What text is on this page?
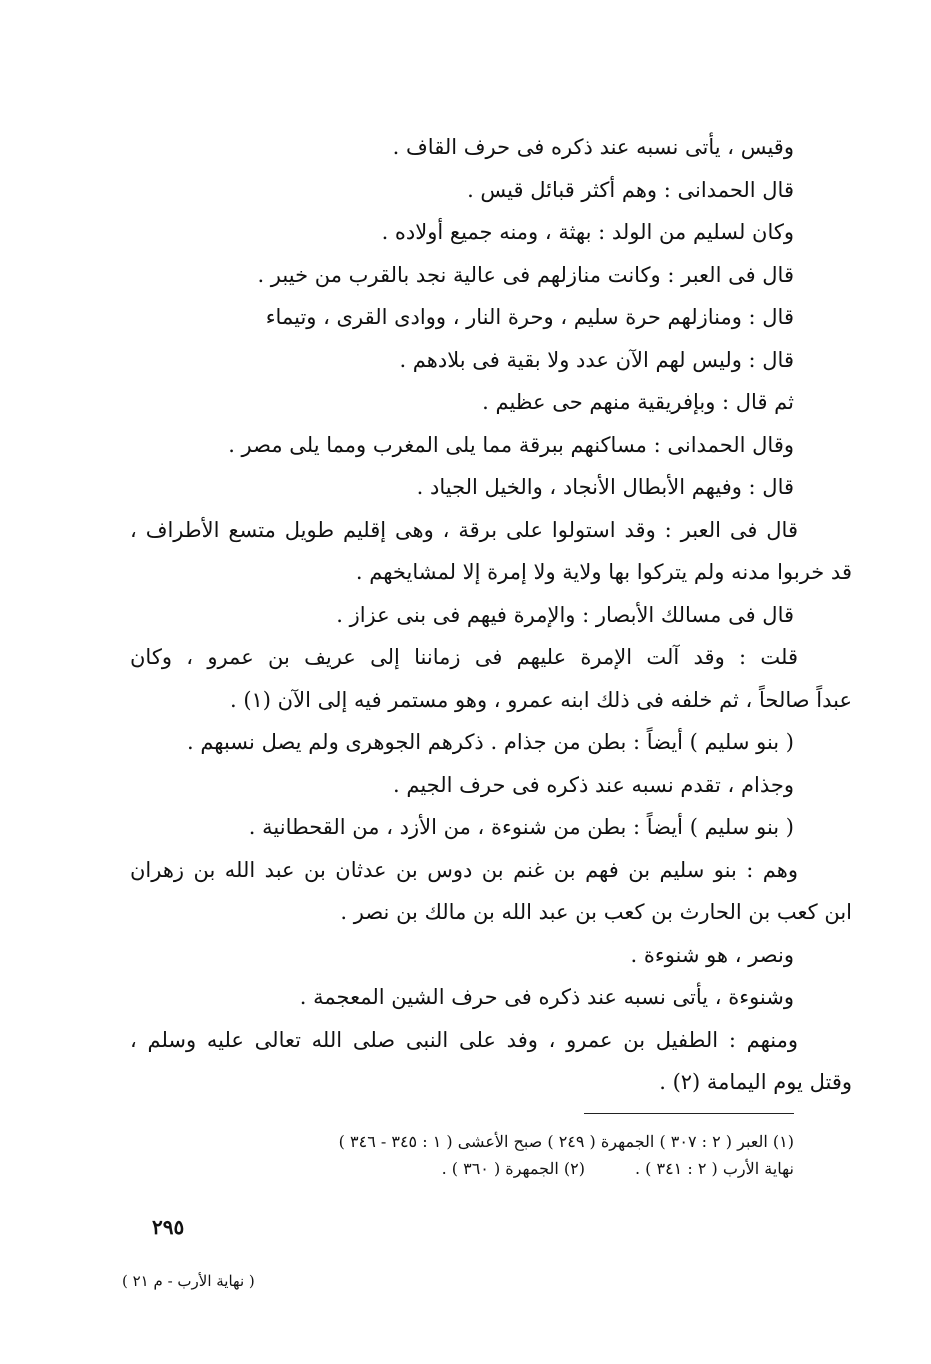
وقيس ، يأتى نسبه عند ذكره فى حرف القاف .
قال الحمدانى : وهم أكثر قبائل قيس .
وكان لسليم من الولد : بهثة ، ومنه جميع أولاده .
قال فى العبر : وكانت منازلهم فى عالية نجد بالقرب من خيبر .
قال : ومنازلهم حرة سليم ، وحرة النار ، ووادى القرى ، وتيماء
قال : وليس لهم الآن عدد ولا بقية فى بلادهم .
ثم قال : وبإفريقية منهم حى عظيم .
وقال الحمدانى : مساكنهم ببرقة مما يلى المغرب ومما يلى مصر .
قال : وفيهم الأبطال الأنجاد ، والخيل الجياد .
قال فى العبر : وقد استولوا على برقة ، وهى إقليم طويل متسع الأطراف ،
قد خربوا مدنه ولم يتركوا بها ولاية ولا إمرة إلا لمشايخهم .
قال فى مسالك الأبصار : والإمرة فيهم فى بنى عزاز .
قلت : وقد آلت الإمرة عليهم فى زماننا إلى عريف بن عمرو ، وكان
عبداً صالحاً ، ثم خلفه فى ذلك ابنه عمرو ، وهو مستمر فيه إلى الآن (١) .
( بنو سليم ) أيضاً : بطن من جذام . ذكرهم الجوهرى ولم يصل نسبهم .
وجذام ، تقدم نسبه عند ذكره فى حرف الجيم .
( بنو سليم ) أيضاً : بطن من شنوءة ، من الأزد ، من القحطانية .
وهم : بنو سليم بن فهم بن غنم بن دوس بن عدثان بن عبد الله بن زهران
ابن كعب بن الحارث بن كعب بن عبد الله بن مالك بن نصر .
ونصر ، هو شنوءة .
وشنوءة ، يأتى نسبه عند ذكره فى حرف الشين المعجمة .
ومنهم : الطفيل بن عمرو ، وفد على النبى صلى الله تعالى عليه وسلم ،
وقتل يوم اليمامة (٢) .
(١) العبر ( ٢ : ٣٠٧ ) الجمهرة ( ٢٤٩ ) صبح الأعشى ( ١ : ٣٤٥ - ٣٤٦ )
نهاية الأرب ( ٢ : ٣٤١ ) .(٢) الجمهرة ( ٣٦٠ ) .
٢٩٥
( نهاية الأرب - م ٢١ )
